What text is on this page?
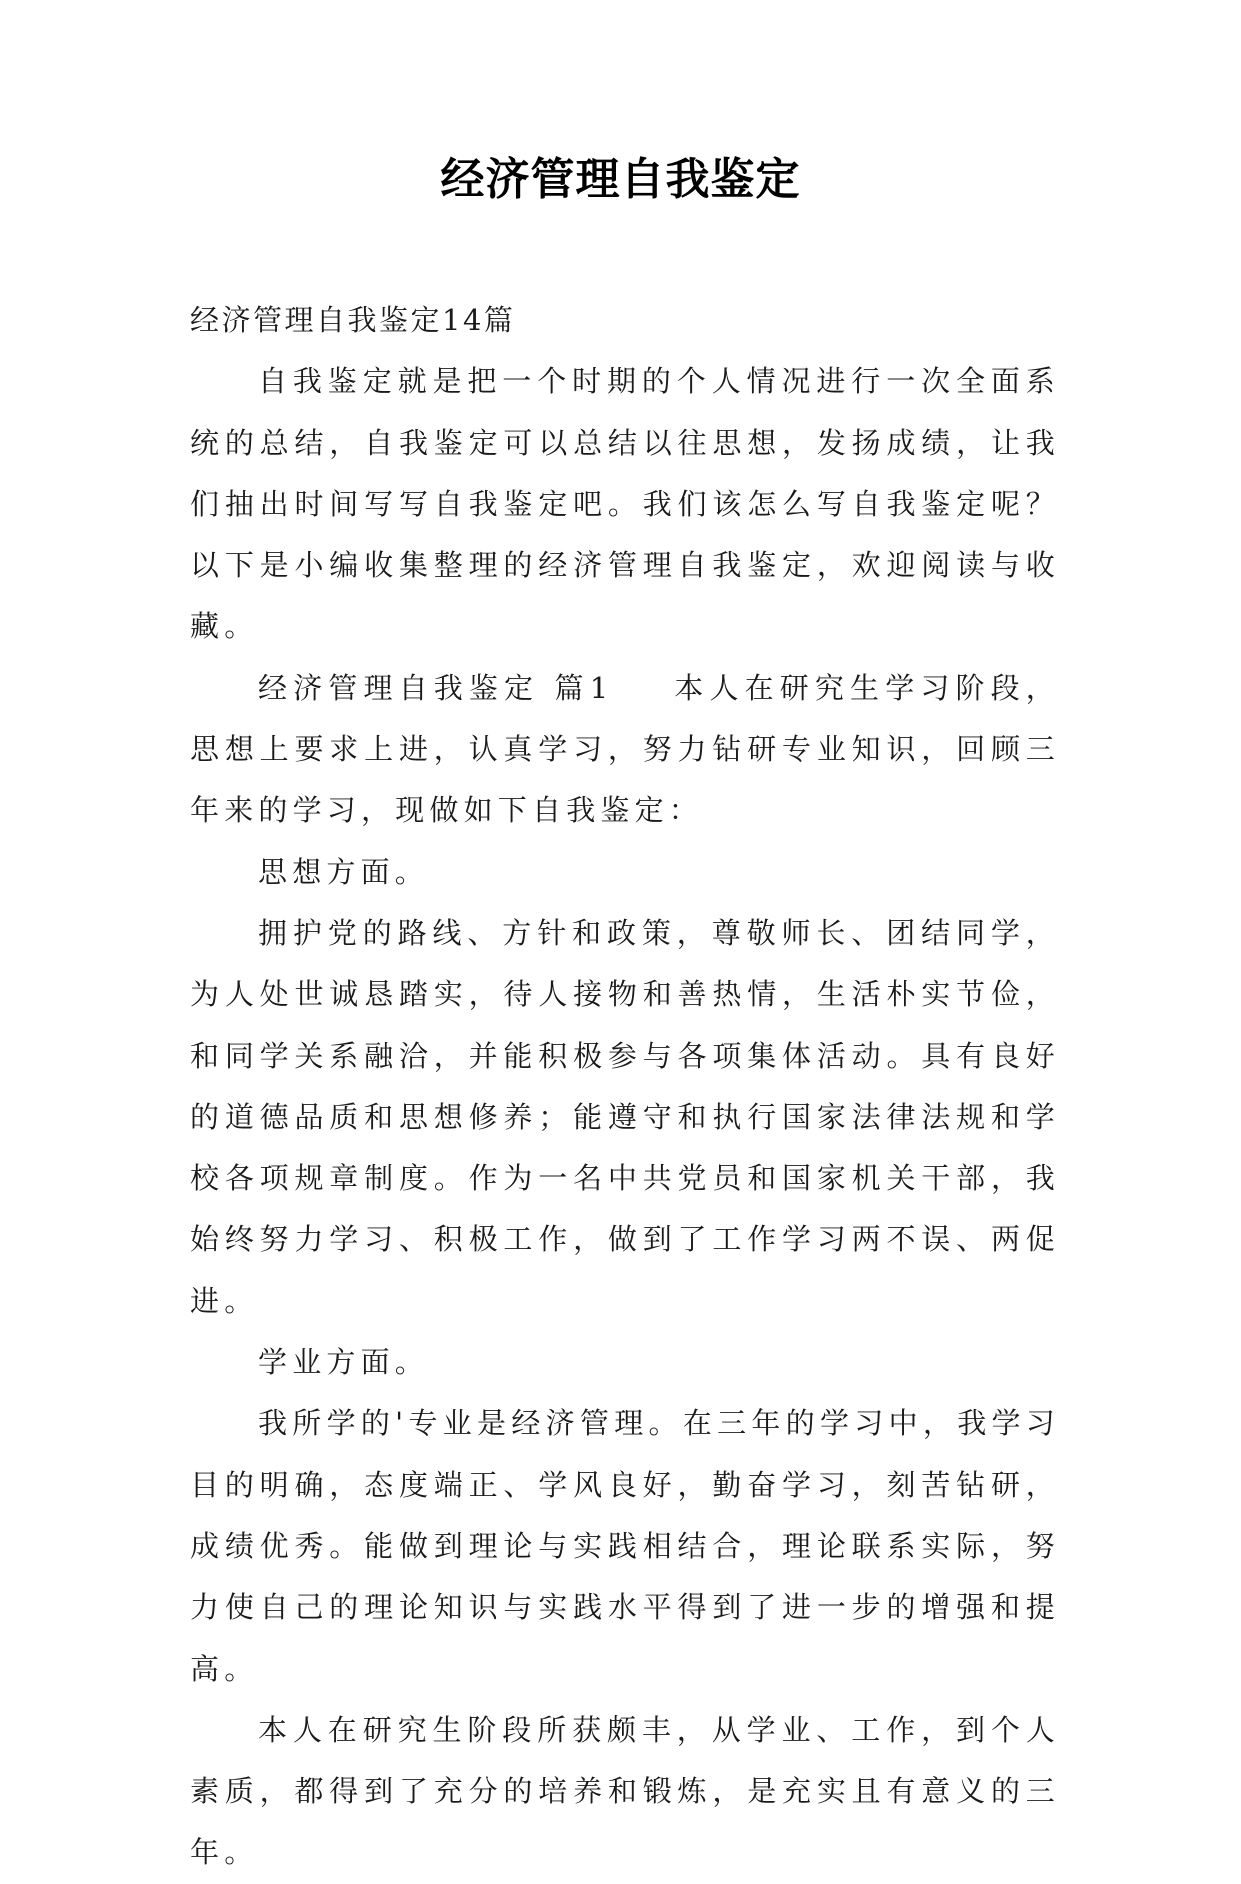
经济管理自我鉴定

经济管理自我鉴定14篇

自我鉴定就是把一个时期的个人情况进行一次全面系统的总结，自我鉴定可以总结以往思想，发扬成绩，让我们抽出时间写写自我鉴定吧。我们该怎么写自我鉴定呢？以下是小编收集整理的经济管理自我鉴定，欢迎阅读与收藏。

经济管理自我鉴定 篇1 本人在研究生学习阶段，思想上要求上进，认真学习，努力钻研专业知识，回顾三年来的学习，现做如下自我鉴定：

思想方面。

拥护党的路线、方针和政策，尊敬师长、团结同学，为人处世诚恳踏实，待人接物和善热情，生活朴实节俭，和同学关系融洽，并能积极参与各项集体活动。具有良好的道德品质和思想修养；能遵守和执行国家法律法规和学校各项规章制度。作为一名中共党员和国家机关干部，我始终努力学习、积极工作，做到了工作学习两不误、两促进。

学业方面。

我所学的'专业是经济管理。在三年的学习中，我学习目的明确，态度端正、学风良好，勤奋学习，刻苦钻研，成绩优秀。能做到理论与实践相结合，理论联系实际，努力使自己的理论知识与实践水平得到了进一步的增强和提高。

本人在研究生阶段所获颇丰，从学业、工作，到个人素质，都得到了充分的培养和锻炼，是充实且有意义的三年。
